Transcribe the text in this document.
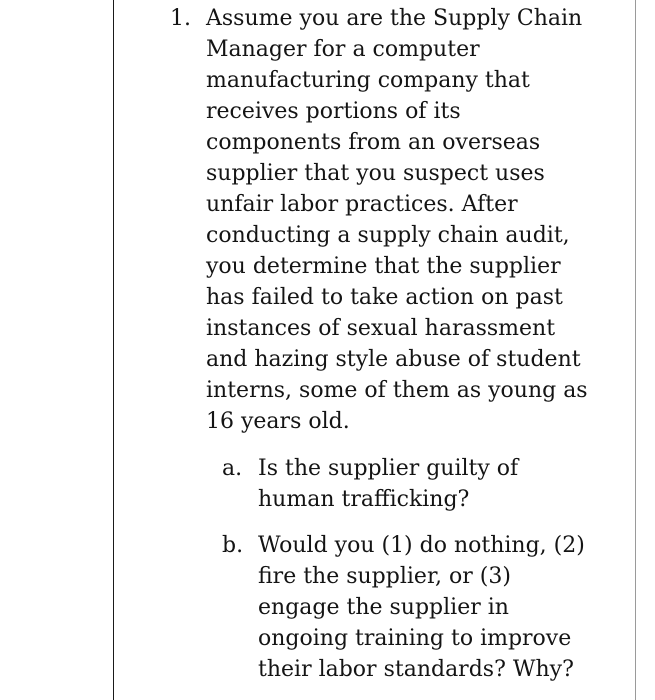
1. Assume you are the Supply Chain
Manager for a computer
manufacturing company that
receives portions of its
components from an overseas
supplier that you suspect uses
unfair labor practices. After
conducting a supply chain audit,
you determine that the supplier
has failed to take action on past
instances of sexual harassment
and hazing style abuse of student
interns, some of them as young as
16 years old.
a. Is the supplier guilty of
human trafficking?
b. Would you (1) do nothing, (2)
fire the supplier, or (3)
engage the supplier in
ongoing training to improve
their labor standards? Why?
